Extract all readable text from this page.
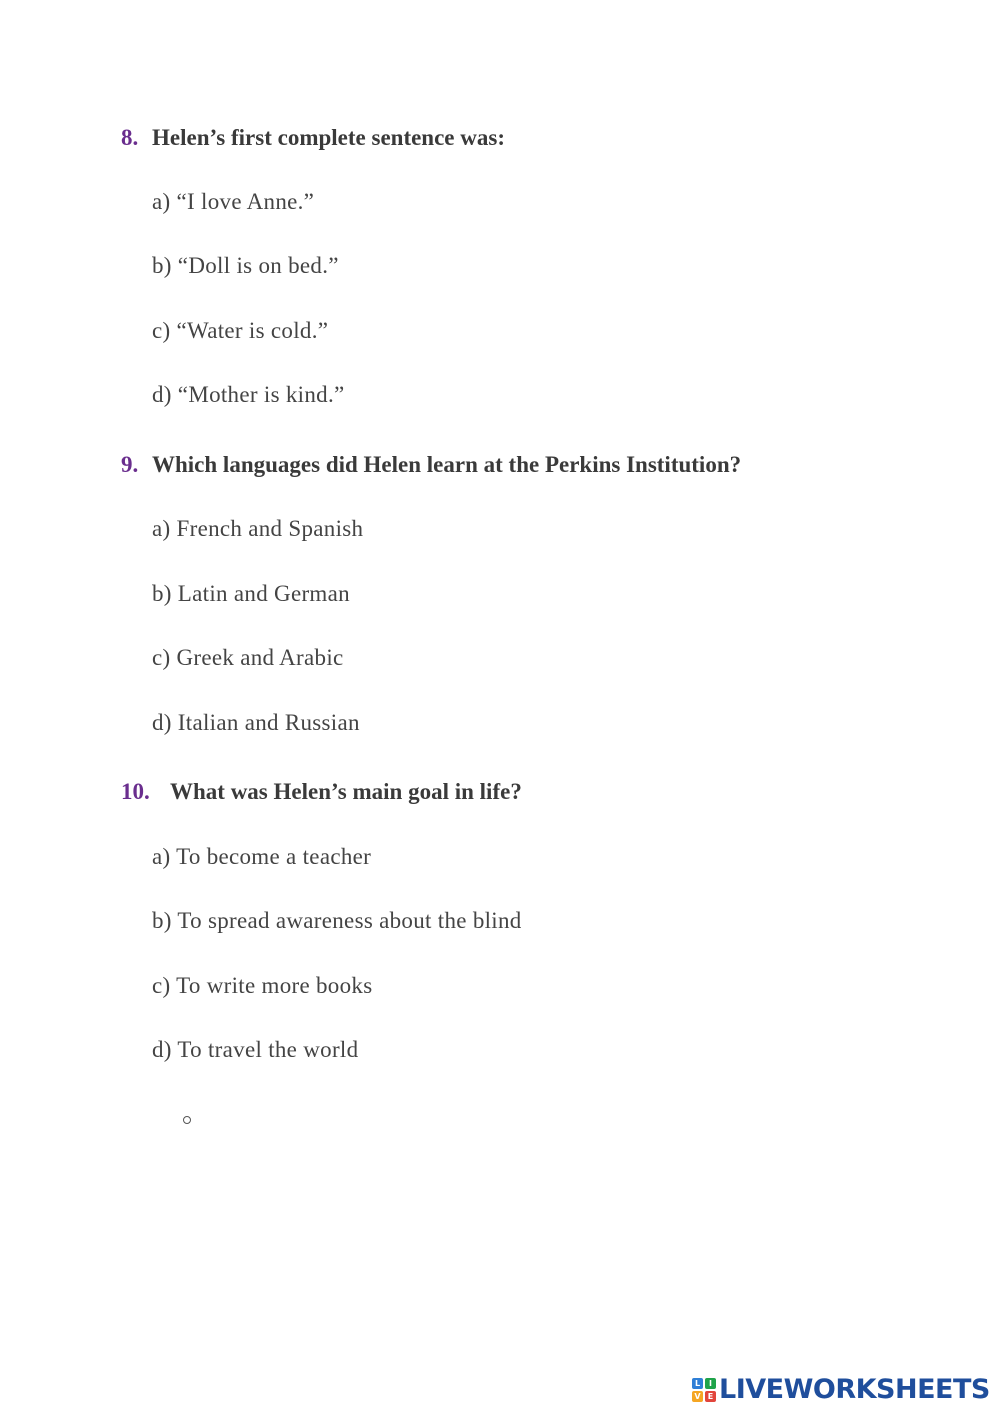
8. Helen’s first complete sentence was:
a) “I love Anne.”
b) “Doll is on bed.”
c) “Water is cold.”
d) “Mother is kind.”
9. Which languages did Helen learn at the Perkins Institution?
a) French and Spanish
b) Latin and German
c) Greek and Arabic
d) Italian and Russian
10. What was Helen’s main goal in life?
a) To become a teacher
b) To spread awareness about the blind
c) To write more books
d) To travel the world
L	I
V E LIVEWORKSHEETS
